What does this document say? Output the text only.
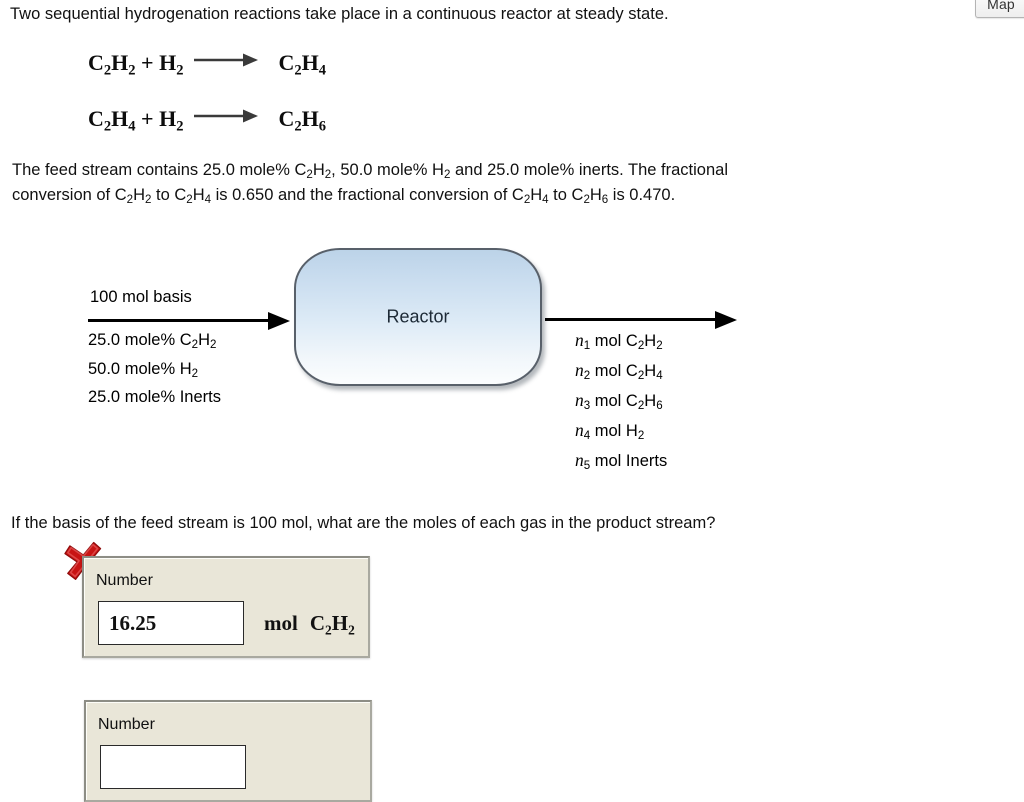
Map
Two sequential hydrogenation reactions take place in a continuous reactor at steady state.
$C_2H_2 + H_2 \to C_2H_4$
$C_2H_4 + H_2 \to C_2H_6$
The feed stream contains 25.0 mole% $C_2H_2$, 50.0 mole% $H_2$ and 25.0 mole% inerts. The fractional
conversion of $C_2H_2$ to $C_2H_4$ is 0.650 and the fractional conversion of $C_2H_4$ to $C_2H_6$ is 0.470.
Reactor
100 mol basis
25.0 mole% $C_2H_2$
50.0 mole% $H_2$
25.0 mole% Inerts
$n_1$ mol $C_2H_2$
$n_2$ mol $C_2H_4$
$n_3$ mol $C_2H_6$
$n_4$ mol $H_2$
$n_5$ mol Inerts
If the basis of the feed stream is 100 mol, what are the moles of each gas in the product stream?
Number
16.25	mol $C_2H_2$
Number
